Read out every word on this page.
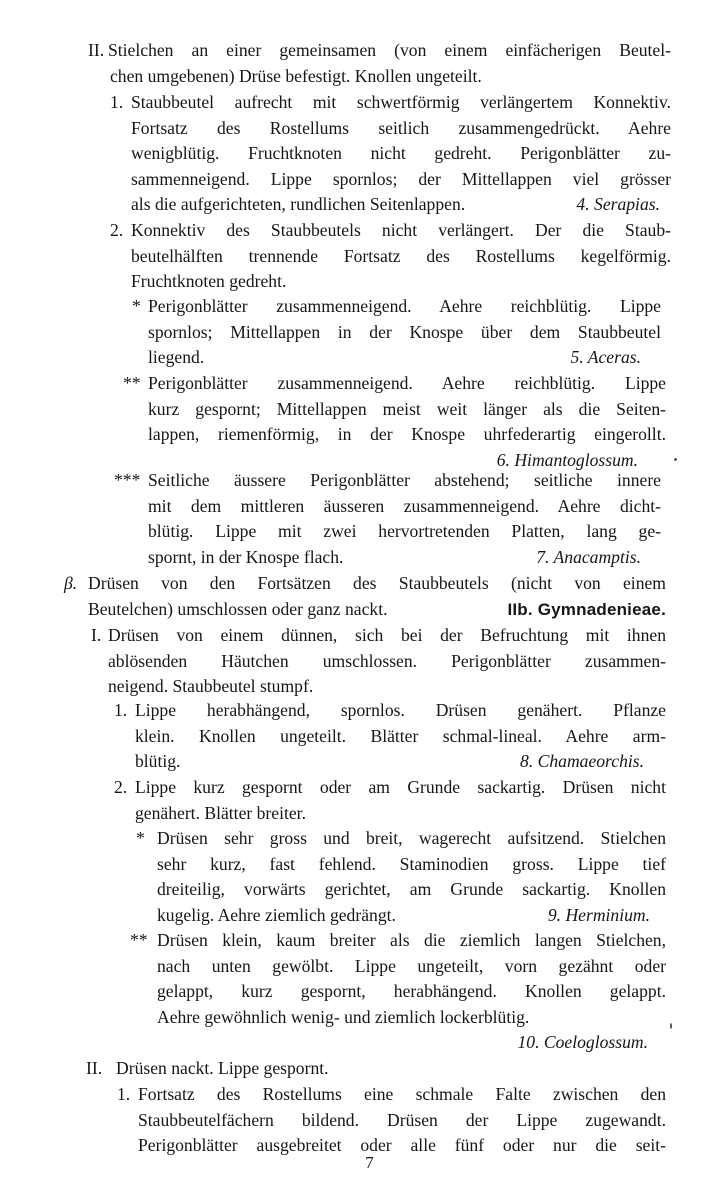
II. Stielchen an einer gemeinsamen (von einem einfächerigen Beutel-
chen umgebenen) Drüse befestigt. Knollen ungeteilt.
1. Staubbeutel aufrecht mit schwertförmig verlängertem Konnektiv.
Fortsatz des Rostellums seitlich zusammengedrückt. Aehre
wenigblütig. Fruchtknoten nicht gedreht. Perigonblätter zu-
sammenneigend. Lippe spornlos; der Mittellappen viel grösser
als die aufgerichteten, rundlichen Seitenlappen.	4. Serapias.
2. Konnektiv des Staubbeutels nicht verlängert. Der die Staub-
beutelhälften trennende Fortsatz des Rostellums kegelförmig.
Fruchtknoten gedreht.
* Perigonblätter zusammenneigend. Aehre reichblütig. Lippe
spornlos; Mittellappen in der Knospe über dem Staubbeutel
liegend.	5. Aceras.
** Perigonblätter zusammenneigend. Aehre reichblütig. Lippe
kurz gespornt; Mittellappen meist weit länger als die Seiten-
lappen, riemenförmig, in der Knospe uhrfederartig eingerollt.
6. Himantoglossum.
*** Seitliche äussere Perigonblätter abstehend; seitliche innere
mit dem mittleren äusseren zusammenneigend. Aehre dicht-
blütig. Lippe mit zwei hervortretenden Platten, lang ge-
spornt, in der Knospe flach.	7. Anacamptis.
β. Drüsen von den Fortsätzen des Staubbeutels (nicht von einem
Beutelchen) umschlossen oder ganz nackt.	IIb. Gymnadenieae.
I. Drüsen von einem dünnen, sich bei der Befruchtung mit ihnen
ablösenden Häutchen umschlossen. Perigonblätter zusammen-
neigend. Staubbeutel stumpf.
1. Lippe herabhängend, spornlos. Drüsen genähert. Pflanze
klein. Knollen ungeteilt. Blätter schmal-lineal. Aehre arm-
blütig.	8. Chamaeorchis.
2. Lippe kurz gespornt oder am Grunde sackartig. Drüsen nicht
genähert. Blätter breiter.
* Drüsen sehr gross und breit, wagerecht aufsitzend. Stielchen
sehr kurz, fast fehlend. Staminodien gross. Lippe tief
dreiteilig, vorwärts gerichtet, am Grunde sackartig. Knollen
kugelig. Aehre ziemlich gedrängt.	9. Herminium.
** Drüsen klein, kaum breiter als die ziemlich langen Stielchen,
nach unten gewölbt. Lippe ungeteilt, vorn gezähnt oder
gelappt, kurz gespornt, herabhängend. Knollen gelappt.
Aehre gewöhnlich wenig- und ziemlich lockerblütig.
10. Coeloglossum.
II. Drüsen nackt. Lippe gespornt.
1. Fortsatz des Rostellums eine schmale Falte zwischen den
Staubbeutelfächern bildend. Drüsen der Lippe zugewandt.
Perigonblätter ausgebreitet oder alle fünf oder nur die seit-
7
